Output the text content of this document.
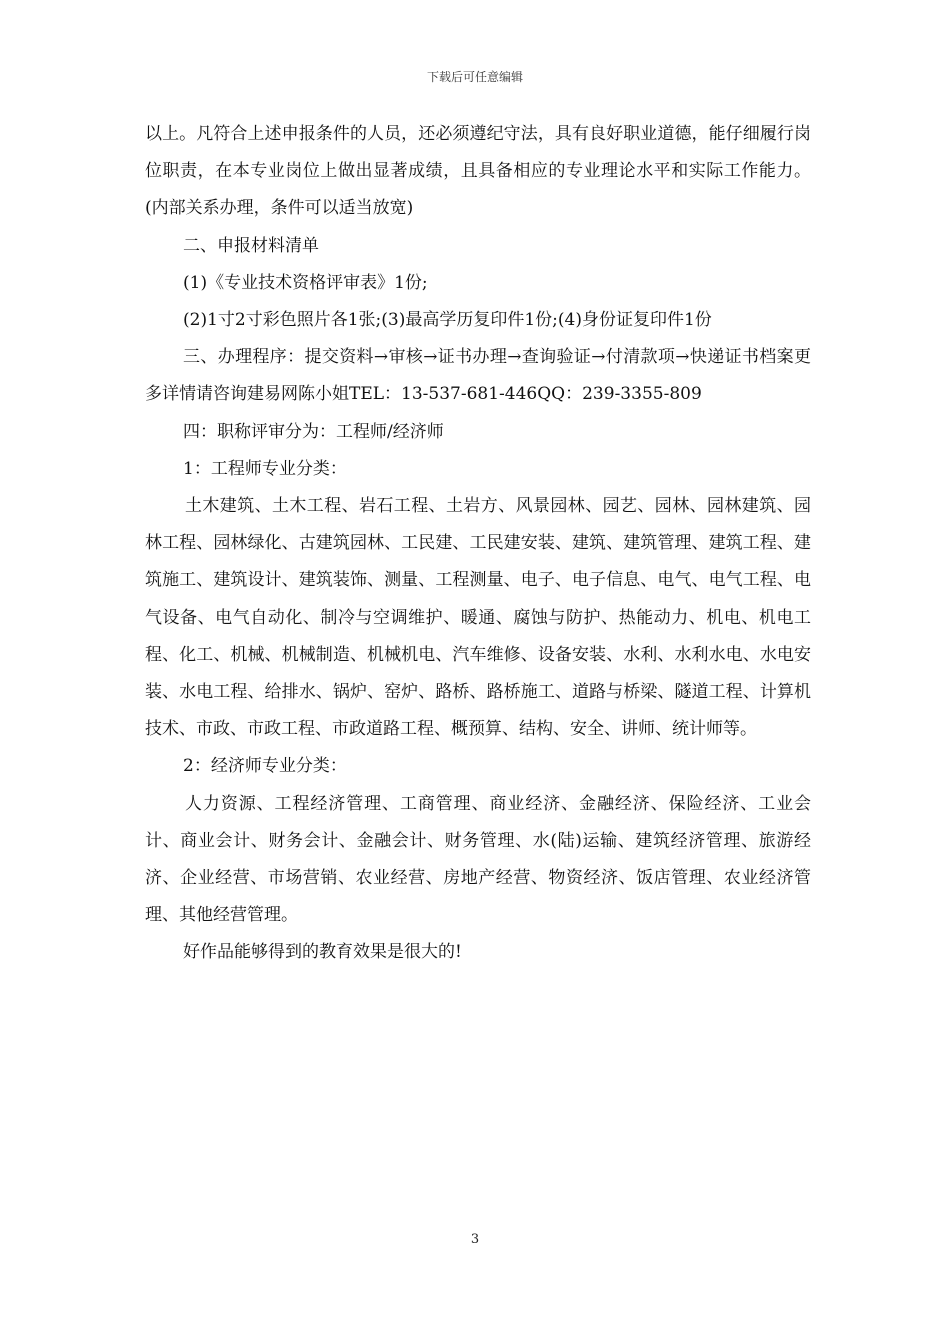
下载后可任意编辑

以上。凡符合上述申报条件的人员，还必须遵纪守法，具有良好职业道德，能仔细履行岗位职责，在本专业岗位上做出显著成绩，且具备相应的专业理论水平和实际工作能力。(内部关系办理，条件可以适当放宽)

二、申报材料清单

(1)《专业技术资格评审表》1份;

(2)1寸2寸彩色照片各1张;(3)最高学历复印件1份;(4)身份证复印件1份

三、办理程序：提交资料→审核→证书办理→查询验证→付清款项→快递证书档案更多详情请咨询建易网陈小姐TEL：13-537-681-446QQ：239-3355-809

四：职称评审分为：工程师/经济师

1：工程师专业分类：

土木建筑、土木工程、岩石工程、土岩方、风景园林、园艺、园林、园林建筑、园林工程、园林绿化、古建筑园林、工民建、工民建安装、建筑、建筑管理、建筑工程、建筑施工、建筑设计、建筑装饰、测量、工程测量、电子、电子信息、电气、电气工程、电气设备、电气自动化、制冷与空调维护、暖通、腐蚀与防护、热能动力、机电、机电工程、化工、机械、机械制造、机械机电、汽车维修、设备安装、水利、水利水电、水电安装、水电工程、给排水、锅炉、窑炉、路桥、路桥施工、道路与桥梁、隧道工程、计算机技术、市政、市政工程、市政道路工程、概预算、结构、安全、讲师、统计师等。

2：经济师专业分类：

人力资源、工程经济管理、工商管理、商业经济、金融经济、保险经济、工业会计、商业会计、财务会计、金融会计、财务管理、水(陆)运输、建筑经济管理、旅游经济、企业经营、市场营销、农业经营、房地产经营、物资经济、饭店管理、农业经济管理、其他经营管理。

好作品能够得到的教育效果是很大的!

3
